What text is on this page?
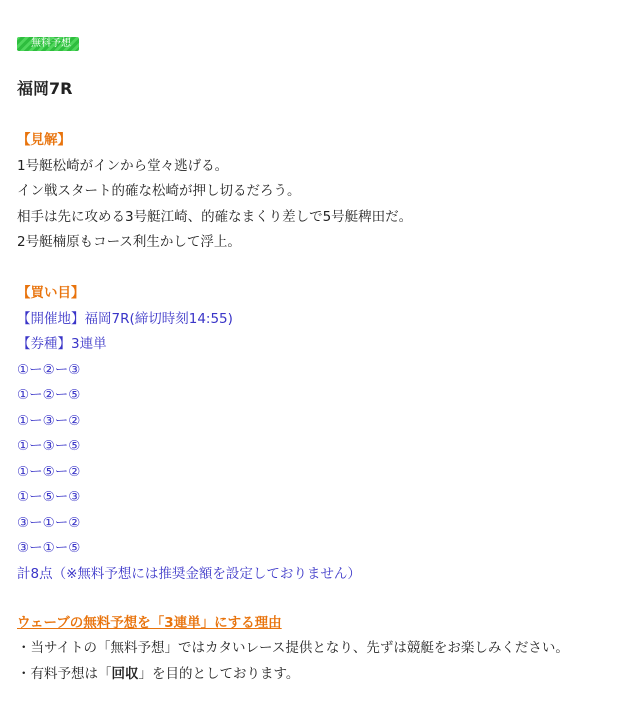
無料予想
福岡7R
【見解】
1号艇松崎がインから堂々逃げる。
イン戦スタート的確な松崎が押し切るだろう。
相手は先に攻める3号艇江崎、的確なまくり差しで5号艇稗田だ。
2号艇楠原もコース利生かして浮上。
【買い目】
【開催地】福岡7R(締切時刻14:55)
【券種】3連単
①ー②ー③
①ー②ー⑤
①ー③ー②
①ー③ー⑤
①ー⑤ー②
①ー⑤ー③
③ー①ー②
③ー①ー⑤
計8点（※無料予想には推奨金額を設定しておりません）
ウェーブの無料予想を「3連単」にする理由
・当サイトの「無料予想」ではカタいレース提供となり、先ずは競艇をお楽しみください。
・有料予想は「回収」を目的としております。
